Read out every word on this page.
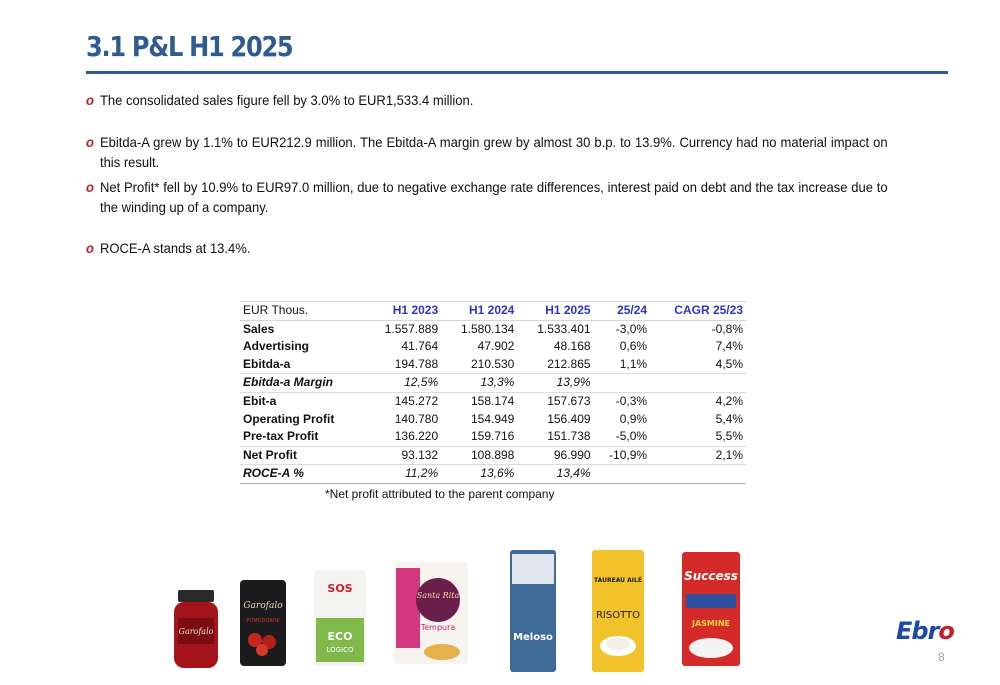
3.1 P&L H1 2025
o The consolidated sales figure fell by 3.0% to EUR1,533.4 million.
o Ebitda-A grew by 1.1% to EUR212.9 million. The Ebitda-A margin grew by almost 30 b.p. to 13.9%. Currency had no material impact on this result.
o Net Profit* fell by 10.9% to EUR97.0 million, due to negative exchange rate differences, interest paid on debt and the tax increase due to the winding up of a company.
o ROCE-A stands at 13.4%.
EUR Thous.	H1 2023	H1 2024	H1 2025	25/24	CAGR 25/23
Sales	1.557.889	1.580.134	1.533.401	-3,0%	-0,8%
Advertising	41.764	47.902	48.168	0,6%	7,4%
Ebitda-a	194.788	210.530	212.865	1,1%	4,5%
Ebitda-a Margin	12,5%	13,3%	13,9%		
Ebit-a	145.272	158.174	157.673	-0,3%	4,2%
Operating Profit	140.780	154.949	156.409	0,9%	5,4%
Pre-tax Profit	136.220	159.716	151.738	-5,0%	5,5%
Net Profit	93.132	108.898	96.990	-10,9%	2,1%
ROCE-A %	11,2%	13,6%	13,4%		
*Net profit attributed to the parent company
Garofalo
Garofalo
POMODORINI
SOS
ECO
LÓGICO
Santa Rita
Tempura
Meloso
TAUREAU AILÉ
RISOTTO
Success
JASMINE	Ebro
8
